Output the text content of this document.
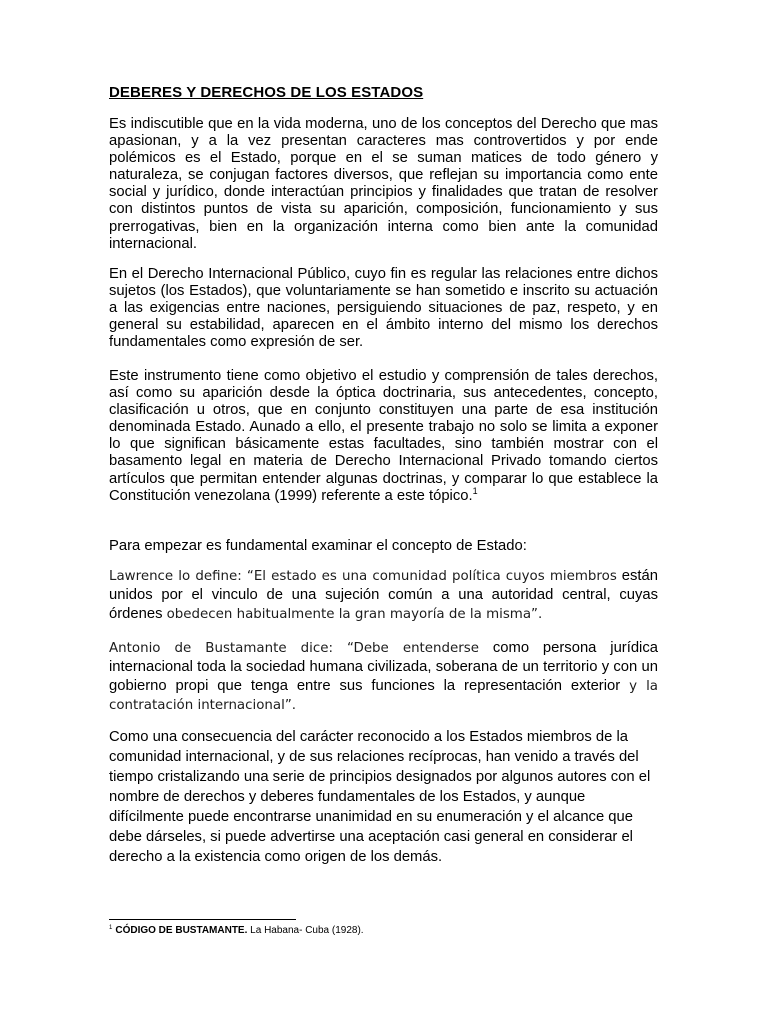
DEBERES Y DERECHOS DE LOS ESTADOS

Es indiscutible que en la vida moderna, uno de los conceptos del Derecho que mas apasionan, y a la vez presentan caracteres mas controvertidos y por ende polémicos es el Estado, porque en el se suman matices de todo género y naturaleza, se conjugan factores diversos, que reflejan su importancia como ente social y jurídico, donde interactúan principios y finalidades que tratan de resolver con distintos puntos de vista su aparición, composición, funcionamiento y sus prerrogativas, bien en la organización interna como bien ante la comunidad internacional.

En el Derecho Internacional Público, cuyo fin es regular las relaciones entre dichos sujetos (los Estados), que voluntariamente se han sometido e inscrito su actuación a las exigencias entre naciones, persiguiendo situaciones de paz, respeto, y en general su estabilidad, aparecen en el ámbito interno del mismo los derechos fundamentales como expresión de ser.

Este instrumento tiene como objetivo el estudio y comprensión de tales derechos, así como su aparición desde la óptica doctrinaria, sus antecedentes, concepto, clasificación u otros, que en conjunto constituyen una parte de esa institución denominada Estado. Aunado a ello, el presente trabajo no solo se limita a exponer lo que significan básicamente estas facultades, sino también mostrar con el basamento legal en materia de Derecho Internacional Privado tomando ciertos artículos que permitan entender algunas doctrinas, y comparar lo que establece la Constitución venezolana (1999) referente a este tópico.$^1$

Para empezar es fundamental examinar el concepto de Estado:

Lawrence lo define: “El estado es una comunidad política cuyos miembros están unidos por el vinculo de una sujeción común a una autoridad central, cuyas órdenes obedecen habitualmente la gran mayoría de la misma”.

Antonio de Bustamante dice: “Debe entenderse como persona jurídica internacional toda la sociedad humana civilizada, soberana de un territorio y con un gobierno propi que tenga entre sus funciones la representación exterior y la contratación internacional”.

Como una consecuencia del carácter reconocido a los Estados miembros de la comunidad internacional, y de sus relaciones recíprocas, han venido a través del tiempo cristalizando una serie de principios designados por algunos autores con el nombre de derechos y deberes fundamentales de los Estados, y aunque difícilmente puede encontrarse unanimidad en su enumeración y el alcance que debe dárseles, si puede advertirse una aceptación casi general en considerar el derecho a la existencia como origen de los demás.

$^1$ CÓDIGO DE BUSTAMANTE. La Habana- Cuba (1928).
